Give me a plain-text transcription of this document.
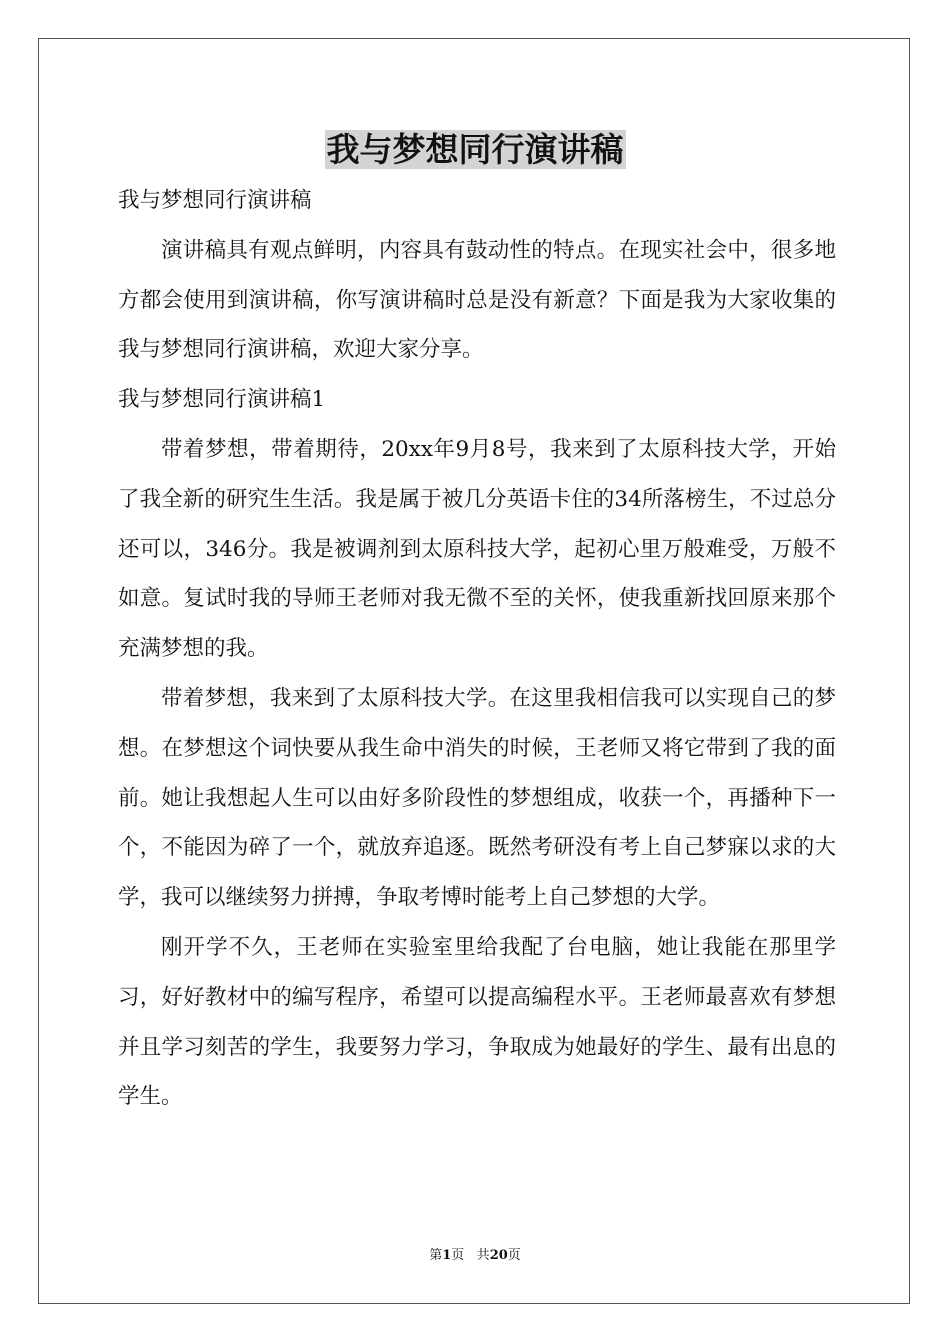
我与梦想同行演讲稿

我与梦想同行演讲稿

演讲稿具有观点鲜明，内容具有鼓动性的特点。在现实社会中，很多地方都会使用到演讲稿，你写演讲稿时总是没有新意？下面是我为大家收集的我与梦想同行演讲稿，欢迎大家分享。

我与梦想同行演讲稿1

带着梦想，带着期待，20xx年9月8号，我来到了太原科技大学，开始了我全新的研究生生活。我是属于被几分英语卡住的34所落榜生，不过总分还可以，346分。我是被调剂到太原科技大学，起初心里万般难受，万般不如意。复试时我的导师王老师对我无微不至的关怀，使我重新找回原来那个充满梦想的我。

带着梦想，我来到了太原科技大学。在这里我相信我可以实现自己的梦想。在梦想这个词快要从我生命中消失的时候，王老师又将它带到了我的面前。她让我想起人生可以由好多阶段性的梦想组成，收获一个，再播种下一个，不能因为碎了一个，就放弃追逐。既然考研没有考上自己梦寐以求的大学，我可以继续努力拼搏，争取考博时能考上自己梦想的大学。

刚开学不久，王老师在实验室里给我配了台电脑，她让我能在那里学习，好好教材中的编写程序，希望可以提高编程水平。王老师最喜欢有梦想并且学习刻苦的学生，我要努力学习，争取成为她最好的学生、最有出息的学生。

第1页 共20页
